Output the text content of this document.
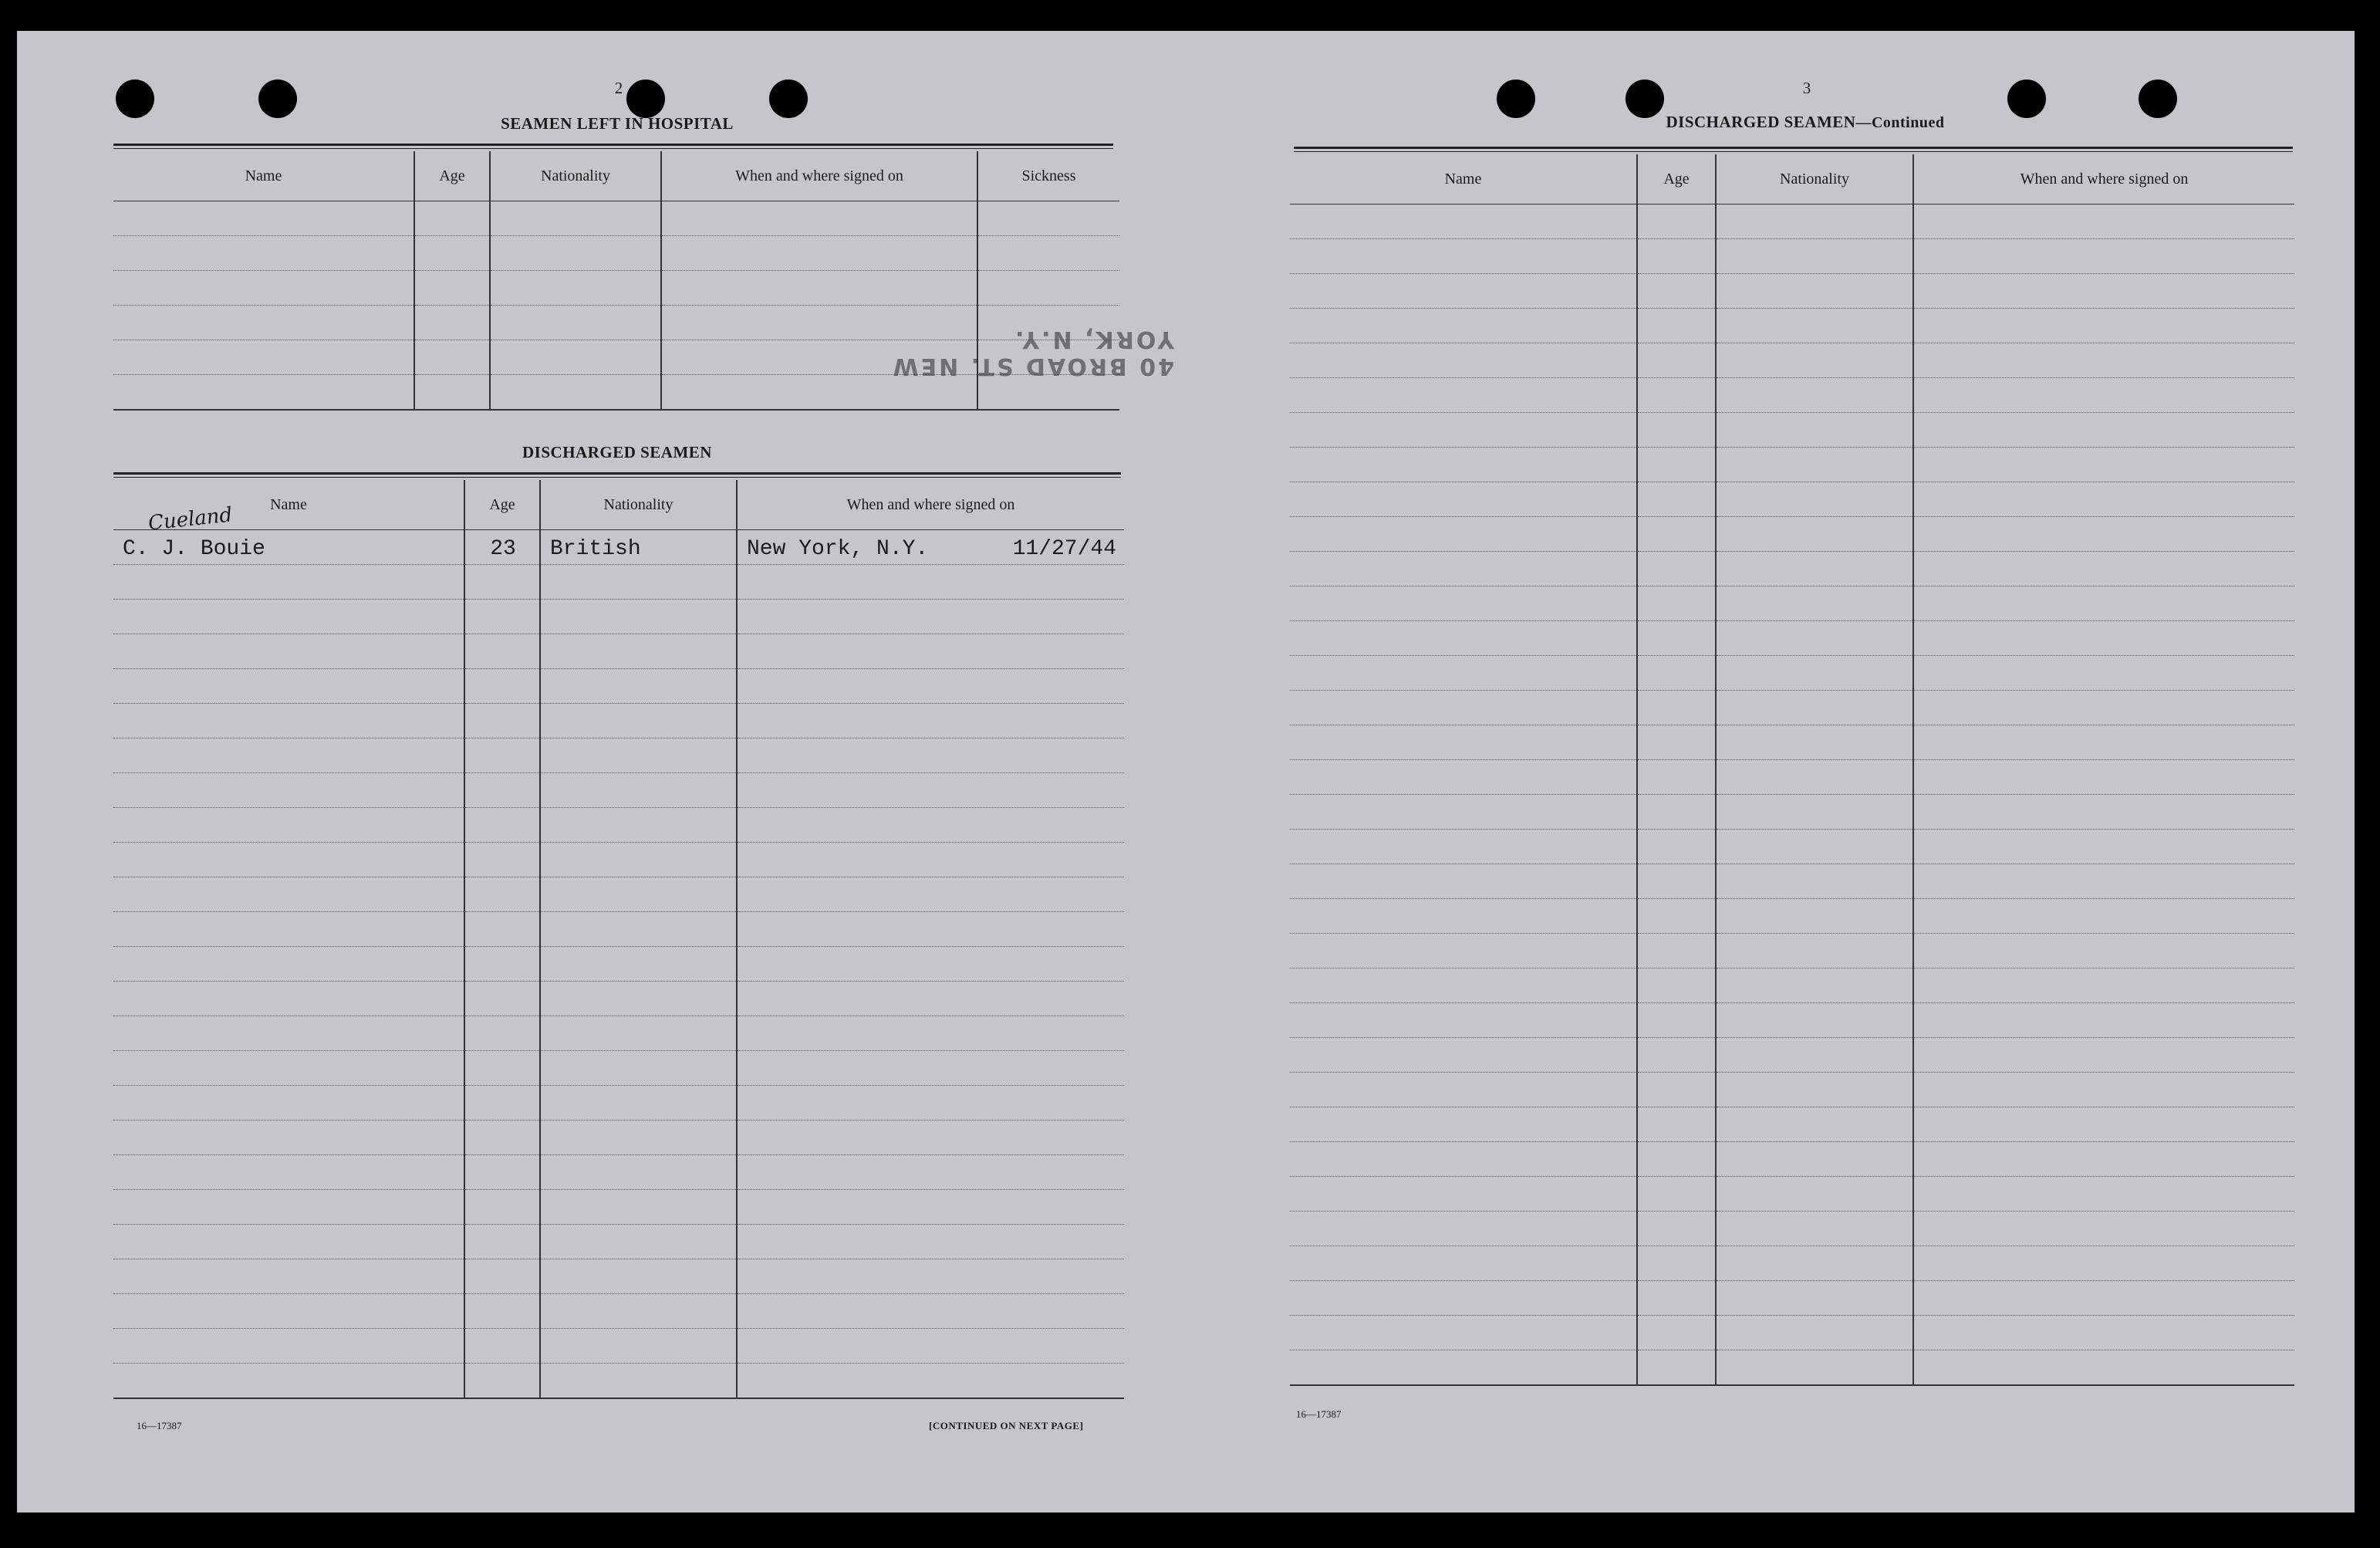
2
SEAMEN LEFT IN HOSPITAL
Name	Age	Nationality	When and where signed on	Sickness

DISCHARGED SEAMEN
Name	Age	Nationality	When and where signed on

C. J. Bouie	23	British	New York, N.Y. 11/27/44

Cueland
40 BROAD ST. NEW YORK, N.Y.
16—17387	[CONTINUED ON NEXT PAGE]
3
DISCHARGED SEAMEN—Continued
Name	Age	Nationality	When and where signed on

16—17387
